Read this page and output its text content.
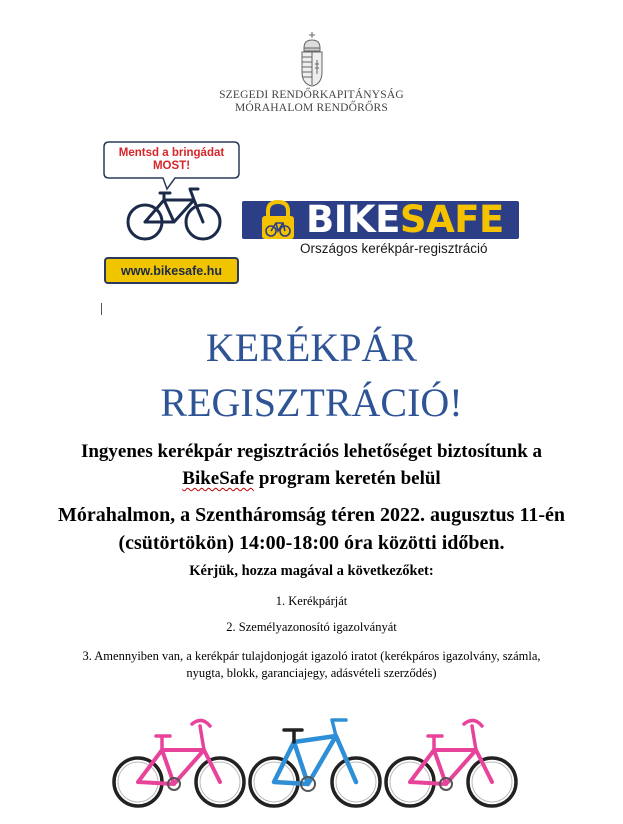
SZEGEDI RENDŐRKAPITÁNYSÁG
MÓRAHALOM RENDŐRŐRS
Mentsd a bringádat
MOST!
www.bikesafe.hu
BIKESAFE
Országos kerékpár-regisztráció
KERÉKPÁR
REGISZTRÁCIÓ!
Ingyenes kerékpár regisztrációs lehetőséget biztosítunk a
BikeSafe program keretén belül
Mórahalmon, a Szentháromság téren 2022. augusztus 11-én
(csütörtökön) 14:00-18:00 óra közötti időben.
Kérjük, hozza magával a következőket:
1. Kerékpárját
2. Személyazonosító igazolványát
3. Amennyiben van, a kerékpár tulajdonjogát igazoló iratot (kerékpáros igazolvány, számla, nyugta, blokk, garanciajegy, adásvételi szerződés)
